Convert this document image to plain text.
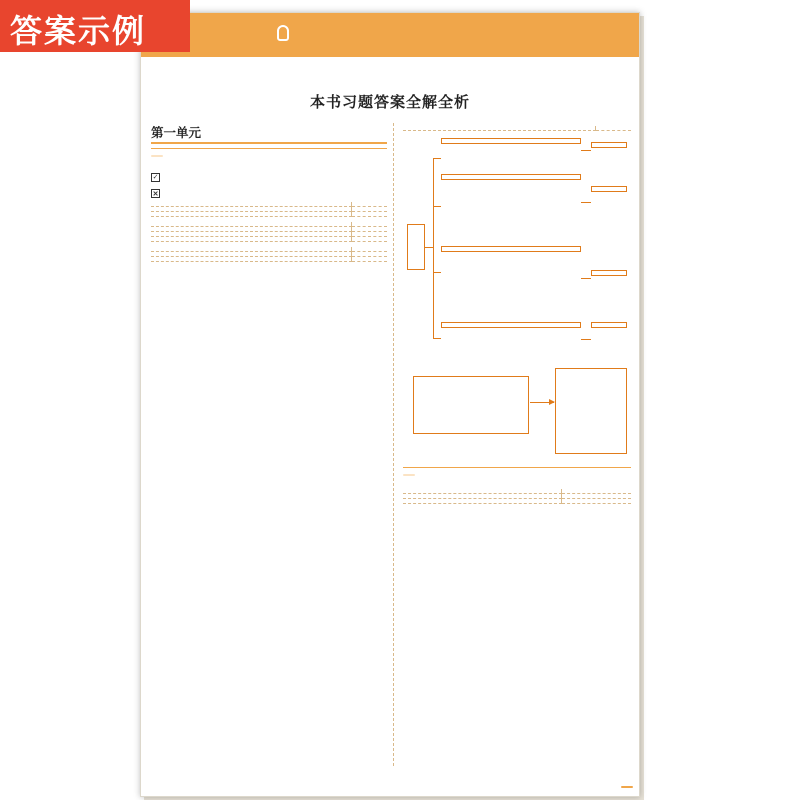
答案示例
本书习题答案全解全析
第一单元
✓
✕
